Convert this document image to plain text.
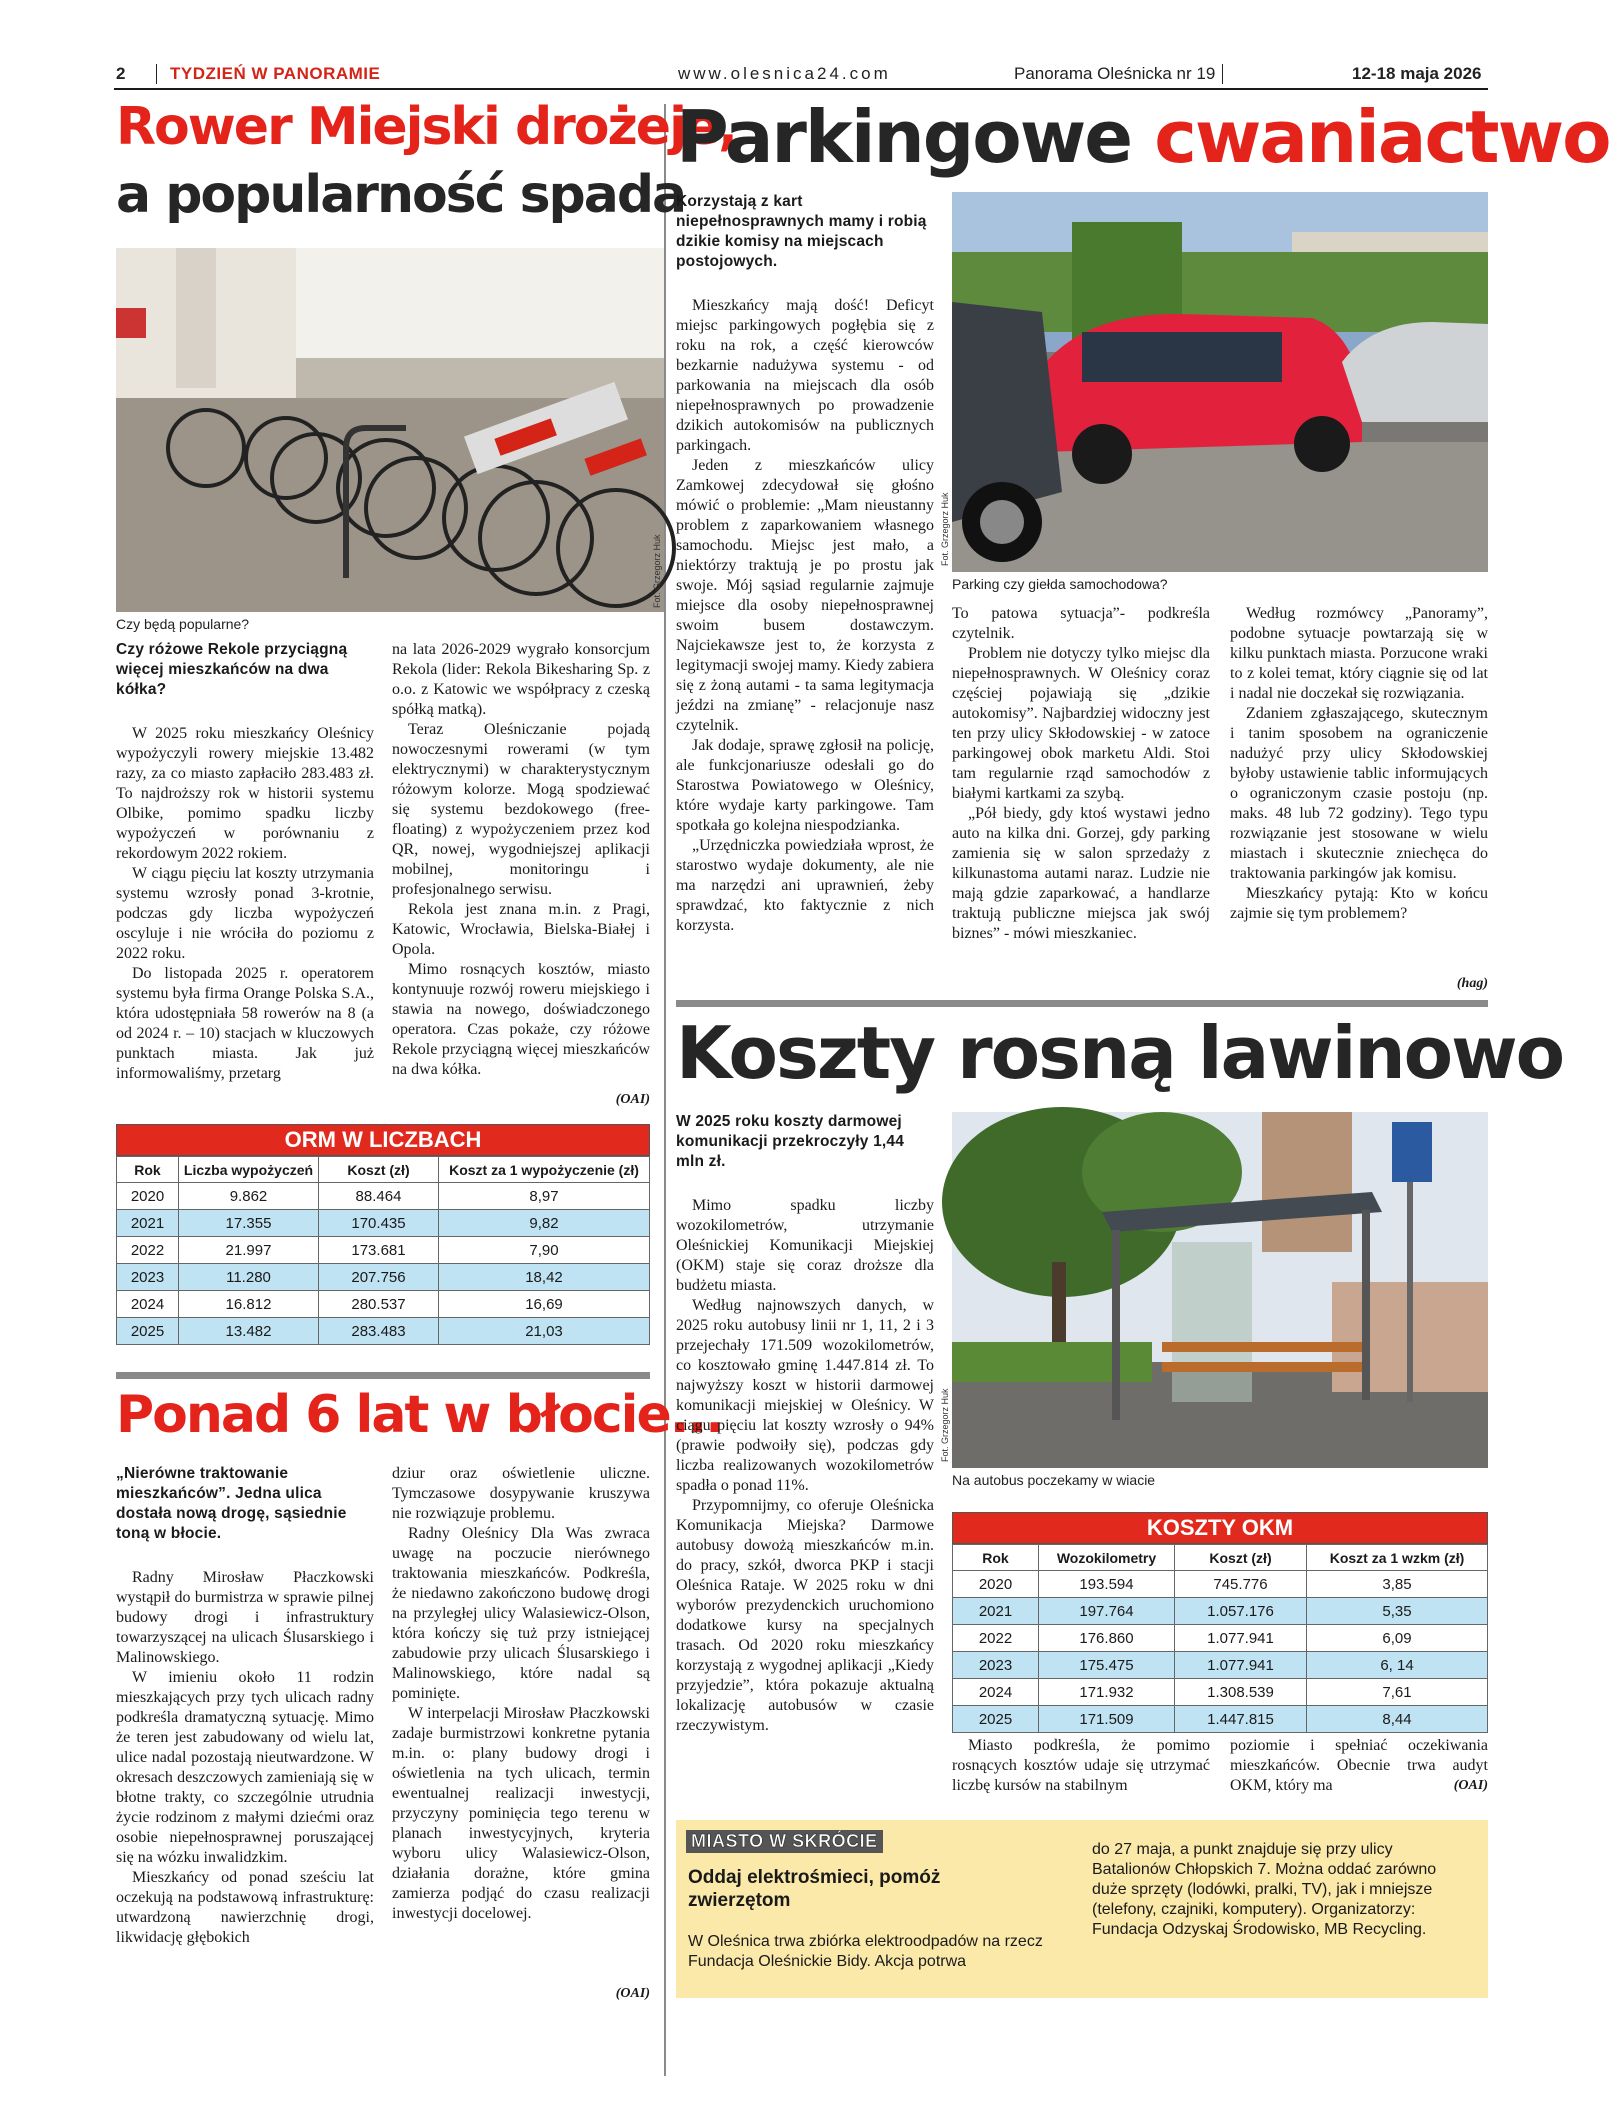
2	TYDZIEŃ W PANORAMIE	www.olesnica24.com	Panorama Oleśnicka nr 19	12-18 maja 2026
Rower Miejski drożeje,
a popularność spada
Fot. Grzegorz Huk
Czy będą popularne?
Czy różowe Rekole przyciągną więcej mieszkańców na dwa kółka?

W 2025 roku mieszkańcy Oleśnicy wypożyczyli rowery miejskie 13.482 razy, za co miasto zapłaciło 283.483 zł. To najdroższy rok w historii systemu Olbike, pomimo spadku liczby wypożyczeń w porównaniu z rekordowym 2022 rokiem.

W ciągu pięciu lat koszty utrzymania systemu wzrosły ponad 3-krotnie, podczas gdy liczba wypożyczeń oscyluje i nie wróciła do poziomu z 2022 roku.

Do listopada 2025 r. operatorem systemu była firma Orange Polska S.A., która udostępniała 58 rowerów na 8 (a od 2024 r. – 10) stacjach w kluczowych punktach miasta. Jak już informowaliśmy, przetarg

na lata 2026-2029 wygrało konsorcjum Rekola (lider: Rekola Bikesharing Sp. z o.o. z Katowic we współpracy z czeską spółką matką).

Teraz Oleśniczanie pojadą nowoczesnymi rowerami (w tym elektrycznymi) w charakterystycznym różowym kolorze. Mogą spodziewać się systemu bezdokowego (free-floating) z wypożyczeniem przez kod QR, nowej, wygodniejszej aplikacji mobilnej, monitoringu i profesjonalnego serwisu.

Rekola jest znana m.in. z Pragi, Katowic, Wrocławia, Bielska-Białej i Opola.

Mimo rosnących kosztów, miasto kontynuuje rozwój roweru miejskiego i stawia na nowego, doświadczonego operatora. Czas pokaże, czy różowe Rekole przyciągną więcej mieszkańców na dwa kółka.

(OAI)
ORM W LICZBACH
Rok	Liczba wypożyczeń	Koszt (zł)	Koszt za 1 wypożyczenie (zł)
2020	9.862	88.464	8,97
2021	17.355	170.435	9,82
2022	21.997	173.681	7,90
2023	11.280	207.756	18,42
2024	16.812	280.537	16,69
2025	13.482	283.483	21,03
Ponad 6 lat w błocie...
„Nierówne traktowanie mieszkańców”. Jedna ulica dostała nową drogę, sąsiednie toną w błocie.

Radny Mirosław Płaczkowski wystąpił do burmistrza w sprawie pilnej budowy drogi i infrastruktury towarzyszącej na ulicach Ślusarskiego i Malinowskiego.

W imieniu około 11 rodzin mieszkających przy tych ulicach radny podkreśla dramatyczną sytuację. Mimo że teren jest zabudowany od wielu lat, ulice nadal pozostają nieutwardzone. W okresach deszczowych zamieniają się w błotne trakty, co szczególnie utrudnia życie rodzinom z małymi dziećmi oraz osobie niepełnosprawnej poruszającej się na wózku inwalidzkim.

Mieszkańcy od ponad sześciu lat oczekują na podstawową infrastrukturę: utwardzoną nawierzchnię drogi, likwidację głębokich

dziur oraz oświetlenie uliczne. Tymczasowe dosypywanie kruszywa nie rozwiązuje problemu.

Radny Oleśnicy Dla Was zwraca uwagę na poczucie nierównego traktowania mieszkańców. Podkreśla, że niedawno zakończono budowę drogi na przyległej ulicy Walasiewicz-Olson, która kończy się tuż przy istniejącej zabudowie przy ulicach Ślusarskiego i Malinowskiego, które nadal są pominięte.

W interpelacji Mirosław Płaczkowski zadaje burmistrzowi konkretne pytania m.in. o: plany budowy drogi i oświetlenia na tych ulicach, termin ewentualnej realizacji inwestycji, przyczyny pominięcia tego terenu w planach inwestycyjnych, kryteria wyboru ulicy Walasiewicz-Olson, działania dorażne, które gmina zamierza podjąć do czasu realizacji inwestycji docelowej.

(OAI)
Parkingowe cwaniactwo
Korzystają z kart niepełnosprawnych mamy i robią dzikie komisy na miejscach postojowych.

Mieszkańcy mają dość! Deficyt miejsc parkingowych pogłębia się z roku na rok, a część kierowców bezkarnie nadużywa systemu - od parkowania na miejscach dla osób niepełnosprawnych po prowadzenie dzikich autokomisów na publicznych parkingach.

Jeden z mieszkańców ulicy Zamkowej zdecydował się głośno mówić o problemie: „Mam nieustanny problem z zaparkowaniem własnego samochodu. Miejsc jest mało, a niektórzy traktują je po prostu jak swoje. Mój sąsiad regularnie zajmuje miejsce dla osoby niepełnosprawnej swoim busem dostawczym. Najciekawsze jest to, że korzysta z legitymacji swojej mamy. Kiedy zabiera się z żoną autami - ta sama legitymacja jeździ na zmianę” - relacjonuje nasz czytelnik.

Jak dodaje, sprawę zgłosił na policję, ale funkcjonariusze odesłali go do Starostwa Powiatowego w Oleśnicy, które wydaje karty parkingowe. Tam spotkała go kolejna niespodzianka.

„Urzędniczka powiedziała wprost, że starostwo wydaje dokumenty, ale nie ma narzędzi ani uprawnień, żeby sprawdzać, kto faktycznie z nich korzysta.

Fot. Grzegorz Huk
Parking czy giełda samochodowa?

To patowa sytuacja”- podkreśla czytelnik.

Problem nie dotyczy tylko miejsc dla niepełnosprawnych. W Oleśnicy coraz częściej pojawiają się „dzikie autokomisy”. Najbardziej widoczny jest ten przy ulicy Skłodowskiej - w zatoce parkingowej obok marketu Aldi. Stoi tam regularnie rząd samochodów z białymi kartkami za szybą.

„Pół biedy, gdy ktoś wystawi jedno auto na kilka dni. Gorzej, gdy parking zamienia się w salon sprzedaży z kilkunastoma autami naraz. Ludzie nie mają gdzie zaparkować, a handlarze traktują publiczne miejsca jak swój biznes” - mówi mieszkaniec.

Według rozmówcy „Panoramy”, podobne sytuacje powtarzają się w kilku punktach miasta. Porzucone wraki to z kolei temat, który ciągnie się od lat i nadal nie doczekał się rozwiązania.

Zdaniem zgłaszającego, skutecznym i tanim sposobem na ograniczenie nadużyć przy ulicy Skłodowskiej byłoby ustawienie tablic informujących o ograniczonym czasie postoju (np. maks. 48 lub 72 godziny). Tego typu rozwiązanie jest stosowane w wielu miastach i skutecznie zniechęca do traktowania parkingów jak komisu.

Mieszkańcy pytają: Kto w końcu zajmie się tym problemem?

(hag)
Koszty rosną lawinowo
W 2025 roku koszty darmowej komunikacji przekroczyły 1,44 mln zł.

Mimo spadku liczby wozokilometrów, utrzymanie Oleśnickiej Komunikacji Miejskiej (OKM) staje się coraz droższe dla budżetu miasta.

Według najnowszych danych, w 2025 roku autobusy linii nr 1, 11, 2 i 3 przejechały 171.509 wozokilometrów, co kosztowało gminę 1.447.814 zł. To najwyższy koszt w historii darmowej komunikacji miejskiej w Oleśnicy. W ciągu pięciu lat koszty wzrosły o 94% (prawie podwoiły się), podczas gdy liczba realizowanych wozokilometrów spadła o ponad 11%.

Przypomnijmy, co oferuje Oleśnicka Komunikacja Miejska? Darmowe autobusy dowożą mieszkańców m.in. do pracy, szkół, dworca PKP i stacji Oleśnica Rataje. W 2025 roku w dni wyborów prezydenckich uruchomiono dodatkowe kursy na specjalnych trasach. Od 2020 roku mieszkańcy korzystają z wygodnej aplikacji „Kiedy przyjedzie”, która pokazuje aktualną lokalizację autobusów w czasie rzeczywistym.

Fot. Grzegorz Huk
Na autobus poczekamy w wiacie
KOSZTY OKM
Rok	Wozokilometry	Koszt (zł)	Koszt za 1 wzkm (zł)
2020	193.594	745.776	3,85
2021	197.764	1.057.176	5,35
2022	176.860	1.077.941	6,09
2023	175.475	1.077.941	6, 14
2024	171.932	1.308.539	7,61
2025	171.509	1.447.815	8,44

Miasto podkreśla, że pomimo rosnących kosztów udaje się utrzymać liczbę kursów na stabilnym

poziomie i spełniać oczekiwania mieszkańców. Obecnie trwa audyt OKM, który ma	(OAI)
MIASTO W SKRÓCIE
Oddaj elektrośmieci, pomóż zwierzętom
W Oleśnica trwa zbiórka elektroodpadów na rzecz Fundacja Oleśnickie Bidy. Akcja potrwa
do 27 maja, a punkt znajduje się przy ulicy Batalionów Chłopskich 7. Można oddać zarówno duże sprzęty (lodówki, pralki, TV), jak i mniejsze (telefony, czajniki, komputery). Organizatorzy: Fundacja Odzyskaj Środowisko, MB Recycling.
